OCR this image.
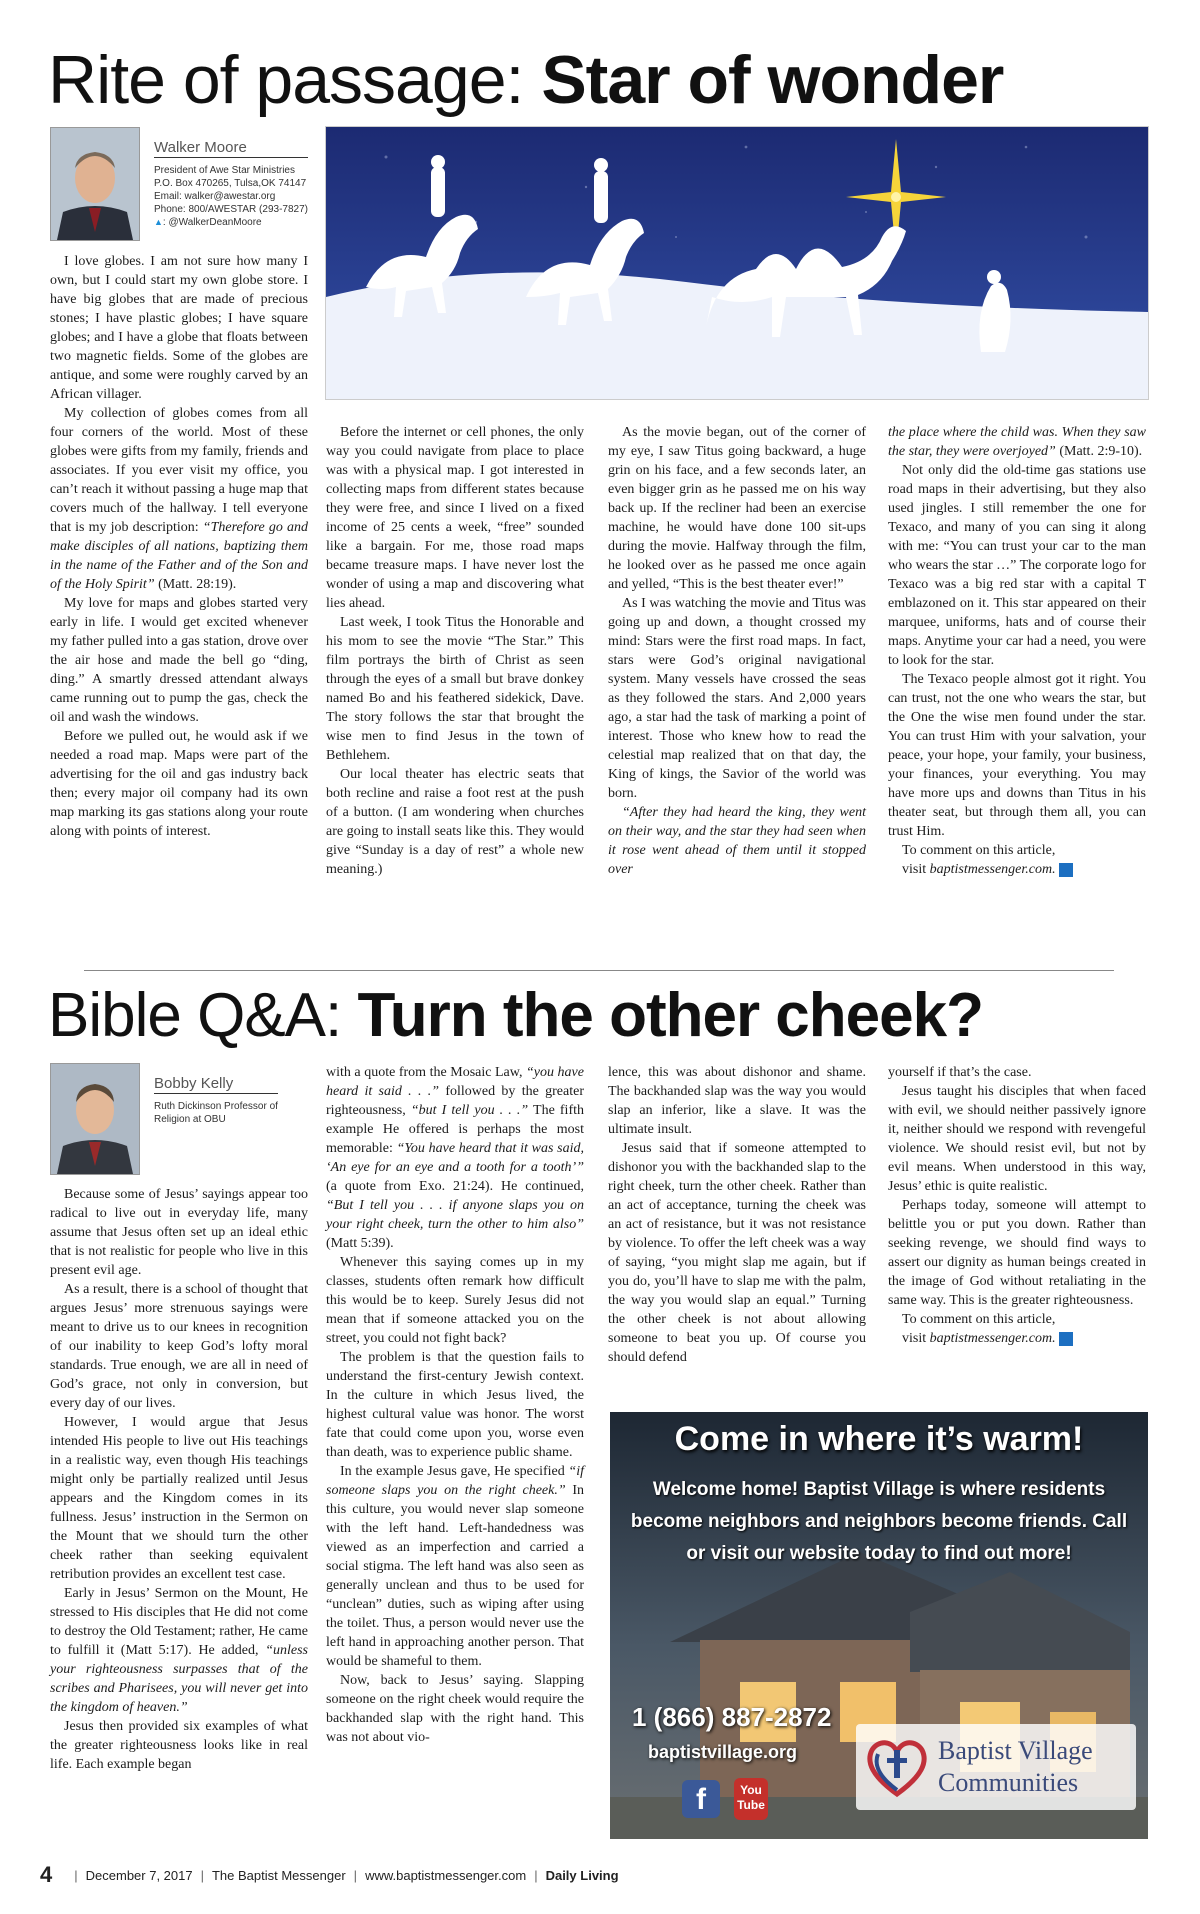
Rite of passage: Star of wonder
Walker Moore
President of Awe Star Ministries
P.O. Box 470265, Tulsa,OK 74147
Email: walker@awestar.org
Phone: 800/AWESTAR (293-7827)
▲: @WalkerDeanMoore

I love globes. I am not sure how many I own, but I could start my own globe store. I have big globes that are made of precious stones; I have plastic globes; I have square globes; and I have a globe that floats between two magnetic fields. Some of the globes are antique, and some were roughly carved by an African villager.

My collection of globes comes from all four corners of the world. Most of these globes were gifts from my family, friends and associates. If you ever visit my office, you can’t reach it without passing a huge map that covers much of the hallway. I tell everyone that is my job description: “Therefore go and make disciples of all nations, baptizing them in the name of the Father and of the Son and of the Holy Spirit” (Matt. 28:19).

My love for maps and globes started very early in life. I would get excited whenever my father pulled into a gas station, drove over the air hose and made the bell go “ding, ding.” A smartly dressed attendant always came running out to pump the gas, check the oil and wash the windows.

Before we pulled out, he would ask if we needed a road map. Maps were part of the advertising for the oil and gas industry back then; every major oil company had its own map marking its gas stations along your route along with points of interest.

Before the internet or cell phones, the only way you could navigate from place to place was with a physical map. I got interested in collecting maps from different states because they were free, and since I lived on a fixed income of 25 cents a week, “free” sounded like a bargain. For me, those road maps became treasure maps. I have never lost the wonder of using a map and discovering what lies ahead.

Last week, I took Titus the Honorable and his mom to see the movie “The Star.” This film portrays the birth of Christ as seen through the eyes of a small but brave donkey named Bo and his feathered sidekick, Dave. The story follows the star that brought the wise men to find Jesus in the town of Bethlehem.

Our local theater has electric seats that both recline and raise a foot rest at the push of a button. (I am wondering when churches are going to install seats like this. They would give “Sunday is a day of rest” a whole new meaning.)

As the movie began, out of the corner of my eye, I saw Titus going backward, a huge grin on his face, and a few seconds later, an even bigger grin as he passed me on his way back up. If the recliner had been an exercise machine, he would have done 100 sit-ups during the movie. Halfway through the film, he looked over as he passed me once again and yelled, “This is the best theater ever!”

As I was watching the movie and Titus was going up and down, a thought crossed my mind: Stars were the first road maps. In fact, stars were God’s original navigational system. Many vessels have crossed the seas as they followed the stars. And 2,000 years ago, a star had the task of marking a point of interest. Those who knew how to read the celestial map realized that on that day, the King of kings, the Savior of the world was born.

“After they had heard the king, they went on their way, and the star they had seen when it rose went ahead of them until it stopped over

the place where the child was. When they saw the star, they were overjoyed” (Matt. 2:9-10).

Not only did the old-time gas stations use road maps in their advertising, but they also used jingles. I still remember the one for Texaco, and many of you can sing it along with me: “You can trust your car to the man who wears the star …” The corporate logo for Texaco was a big red star with a capital T emblazoned on it. This star appeared on their marquee, uniforms, hats and of course their maps. Anytime your car had a need, you were to look for the star.

The Texaco people almost got it right. You can trust, not the one who wears the star, but the One the wise men found under the star. You can trust Him with your salvation, your peace, your hope, your family, your business, your finances, your everything. You may have more ups and downs than Titus in his theater seat, but through them all, you can trust Him.

To comment on this article,

visit baptistmessenger.com. m

Bible Q&A: Turn the other cheek?
Bobby Kelly
Ruth Dickinson Professor of
Religion at OBU

Because some of Jesus’ sayings appear too radical to live out in everyday life, many assume that Jesus often set up an ideal ethic that is not realistic for people who live in this present evil age.

As a result, there is a school of thought that argues Jesus’ more strenuous sayings were meant to drive us to our knees in recognition of our inability to keep God’s lofty moral standards. True enough, we are all in need of God’s grace, not only in conversion, but every day of our lives.

However, I would argue that Jesus intended His people to live out His teachings in a realistic way, even though His teachings might only be partially realized until Jesus appears and the Kingdom comes in its fullness. Jesus’ instruction in the Sermon on the Mount that we should turn the other cheek rather than seeking equivalent retribution provides an excellent test case.

Early in Jesus’ Sermon on the Mount, He stressed to His disciples that He did not come to destroy the Old Testament; rather, He came to fulfill it (Matt 5:17). He added, “unless your righteousness surpasses that of the scribes and Pharisees, you will never get into the kingdom of heaven.”

Jesus then provided six examples of what the greater righteousness looks like in real life. Each example began

with a quote from the Mosaic Law, “you have heard it said . . .” followed by the greater righteousness, “but I tell you . . .” The fifth example He offered is perhaps the most memorable: “You have heard that it was said, ‘An eye for an eye and a tooth for a tooth’” (a quote from Exo. 21:24). He continued, “But I tell you . . . if anyone slaps you on your right cheek, turn the other to him also” (Matt 5:39).

Whenever this saying comes up in my classes, students often remark how difficult this would be to keep. Surely Jesus did not mean that if someone attacked you on the street, you could not fight back?

The problem is that the question fails to understand the first-century Jewish context. In the culture in which Jesus lived, the highest cultural value was honor. The worst fate that could come upon you, worse even than death, was to experience public shame.

In the example Jesus gave, He specified “if someone slaps you on the right cheek.” In this culture, you would never slap someone with the left hand. Left-handedness was viewed as an imperfection and carried a social stigma. The left hand was also seen as generally unclean and thus to be used for “unclean” duties, such as wiping after using the toilet. Thus, a person would never use the left hand in approaching another person. That would be shameful to them.

Now, back to Jesus’ saying. Slapping someone on the right cheek would require the backhanded slap with the right hand. This was not about vio-

lence, this was about dishonor and shame. The backhanded slap was the way you would slap an inferior, like a slave. It was the ultimate insult.

Jesus said that if someone attempted to dishonor you with the backhanded slap to the right cheek, turn the other cheek. Rather than an act of acceptance, turning the cheek was an act of resistance, but it was not resistance by violence. To offer the left cheek was a way of saying, “you might slap me again, but if you do, you’ll have to slap me with the palm, the way you would slap an equal.” Turning the other cheek is not about allowing someone to beat you up. Of course you should defend

yourself if that’s the case.

Jesus taught his disciples that when faced with evil, we should neither passively ignore it, neither should we respond with revengeful violence. We should resist evil, but not by evil means. When understood in this way, Jesus’ ethic is quite realistic.

Perhaps today, someone will attempt to belittle you or put you down. Rather than seeking revenge, we should find ways to assert our dignity as human beings created in the image of God without retaliating in the same way. This is the greater righteousness.

To comment on this article,

visit baptistmessenger.com. m

Come in where it’s warm!
Welcome home! Baptist Village is where residents become neighbors and neighbors become friends. Call or visit our website today to find out more!
1 (866) 887-2872
baptistvillage.org
f	You
Tube
Baptist Village
Communities
4 | December 7, 2017 | The Baptist Messenger | www.baptistmessenger.com | Daily Living
